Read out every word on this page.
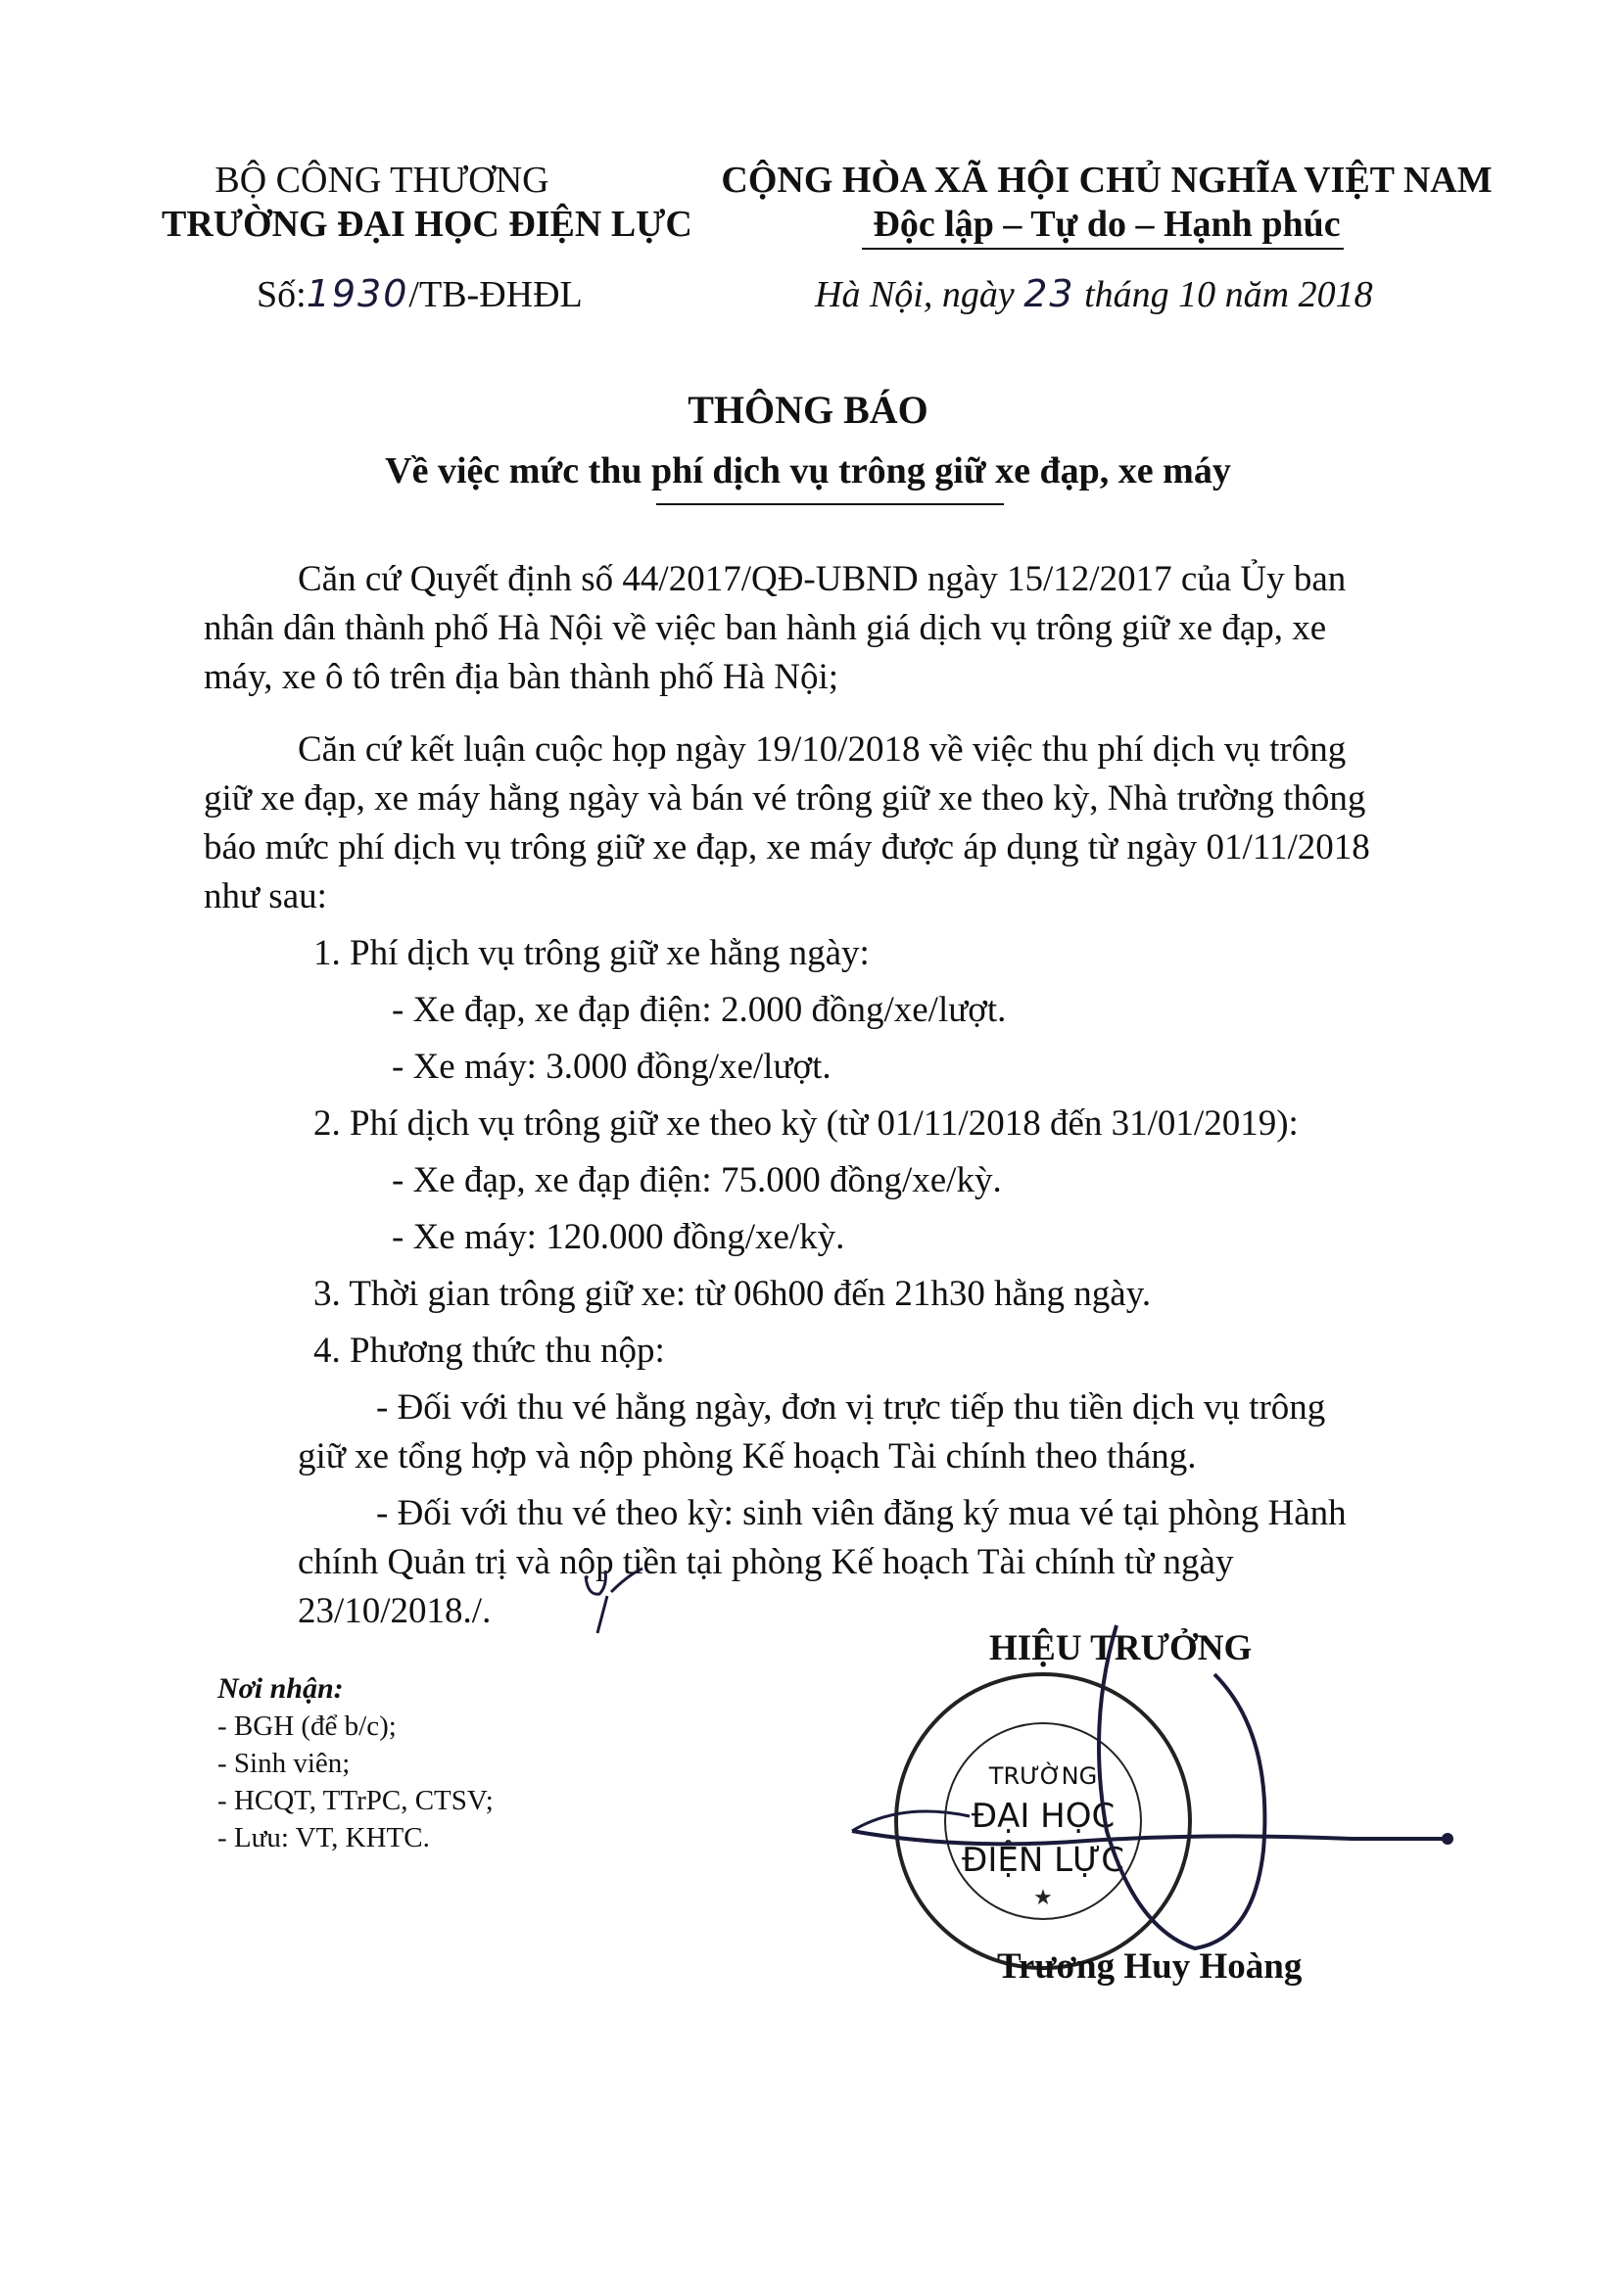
BỘ CÔNG THƯƠNG
TRƯỜNG ĐẠI HỌC ĐIỆN LỰC
Số:1930/TB-ĐHĐL
CỘNG HÒA XÃ HỘI CHỦ NGHĨA VIỆT NAM
Độc lập – Tự do – Hạnh phúc
Hà Nội, ngày 23 tháng 10 năm 2018
THÔNG BÁO
Về việc mức thu phí dịch vụ trông giữ xe đạp, xe máy
Căn cứ Quyết định số 44/2017/QĐ-UBND ngày 15/12/2017 của Ủy ban
nhân dân thành phố Hà Nội về việc ban hành giá dịch vụ trông giữ xe đạp, xe
máy, xe ô tô trên địa bàn thành phố Hà Nội;
Căn cứ kết luận cuộc họp ngày 19/10/2018 về việc thu phí dịch vụ trông
giữ xe đạp, xe máy hằng ngày và bán vé trông giữ xe theo kỳ, Nhà trường thông
báo mức phí dịch vụ trông giữ xe đạp, xe máy được áp dụng từ ngày 01/11/2018
như sau:
1. Phí dịch vụ trông giữ xe hằng ngày:
- Xe đạp, xe đạp điện: 2.000 đồng/xe/lượt.
- Xe máy: 3.000 đồng/xe/lượt.
2. Phí dịch vụ trông giữ xe theo kỳ (từ 01/11/2018 đến 31/01/2019):
- Xe đạp, xe đạp điện: 75.000 đồng/xe/kỳ.
- Xe máy: 120.000 đồng/xe/kỳ.
3. Thời gian trông giữ xe: từ 06h00 đến 21h30 hằng ngày.
4. Phương thức thu nộp:
- Đối với thu vé hằng ngày, đơn vị trực tiếp thu tiền dịch vụ trông
giữ xe tổng hợp và nộp phòng Kế hoạch Tài chính theo tháng.
- Đối với thu vé theo kỳ: sinh viên đăng ký mua vé tại phòng Hành
chính Quản trị và nộp tiền tại phòng Kế hoạch Tài chính từ ngày
23/10/2018./.
Nơi nhận:
- BGH (để b/c);
- Sinh viên;
- HCQT, TTrPC, CTSV;
- Lưu: VT, KHTC.
HIỆU TRƯỞNG
★
TRƯỜNG
ĐẠI HỌC
ĐIỆN LỰC
Trương Huy Hoàng
